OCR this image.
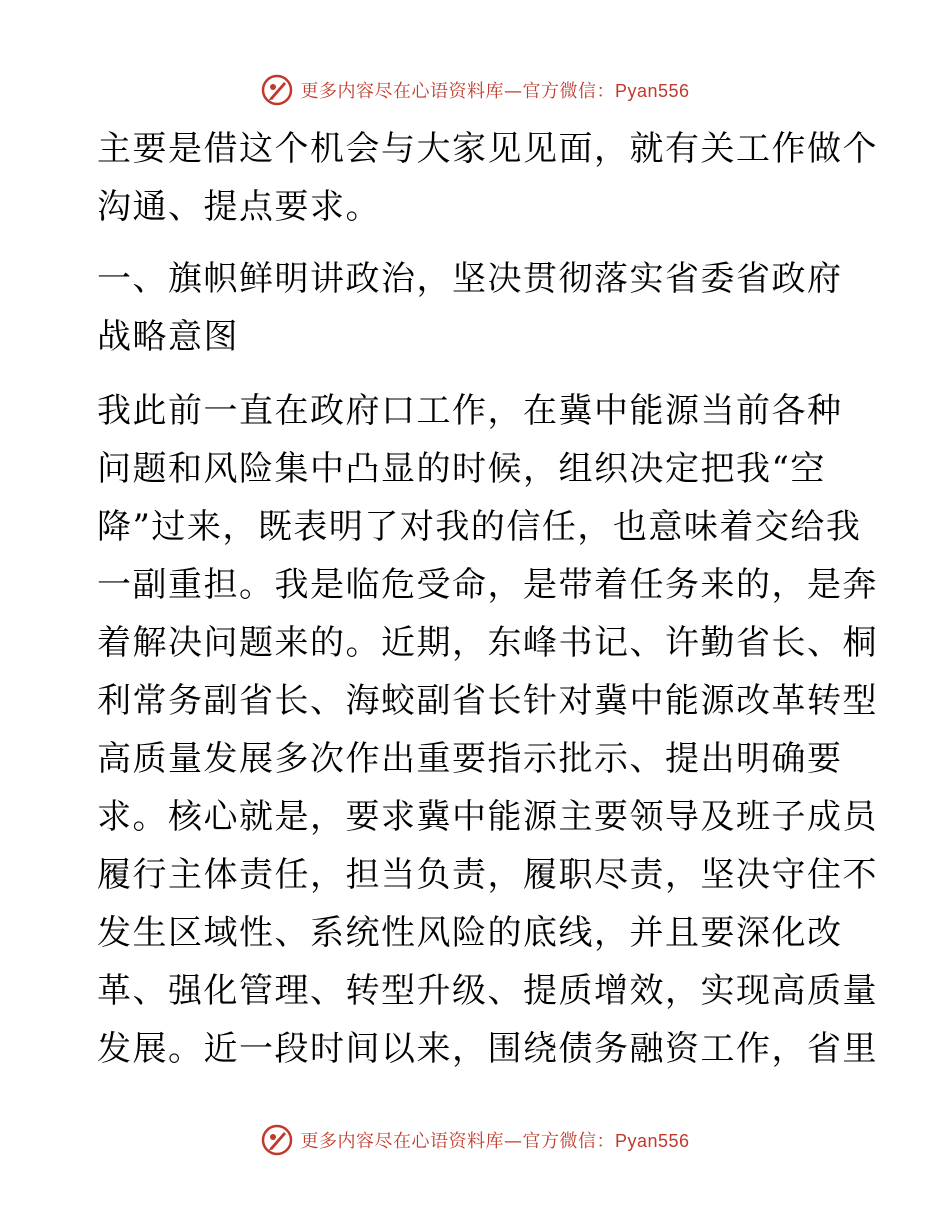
更多内容尽在心语资料库—官方微信：Pyan556
主要是借这个机会与大家见见面，就有关工作做个
沟通、提点要求。
一、旗帜鲜明讲政治，坚决贯彻落实省委省政府
战略意图
我此前一直在政府口工作，在冀中能源当前各种
问题和风险集中凸显的时候，组织决定把我“空
降”过来，既表明了对我的信任，也意味着交给我
一副重担。我是临危受命，是带着任务来的，是奔
着解决问题来的。近期，东峰书记、许勤省长、桐
利常务副省长、海蛟副省长针对冀中能源改革转型
高质量发展多次作出重要指示批示、提出明确要
求。核心就是，要求冀中能源主要领导及班子成员
履行主体责任，担当负责，履职尽责，坚决守住不
发生区域性、系统性风险的底线，并且要深化改
革、强化管理、转型升级、提质增效，实现高质量
发展。近一段时间以来，围绕债务融资工作，省里
更多内容尽在心语资料库—官方微信：Pyan556
